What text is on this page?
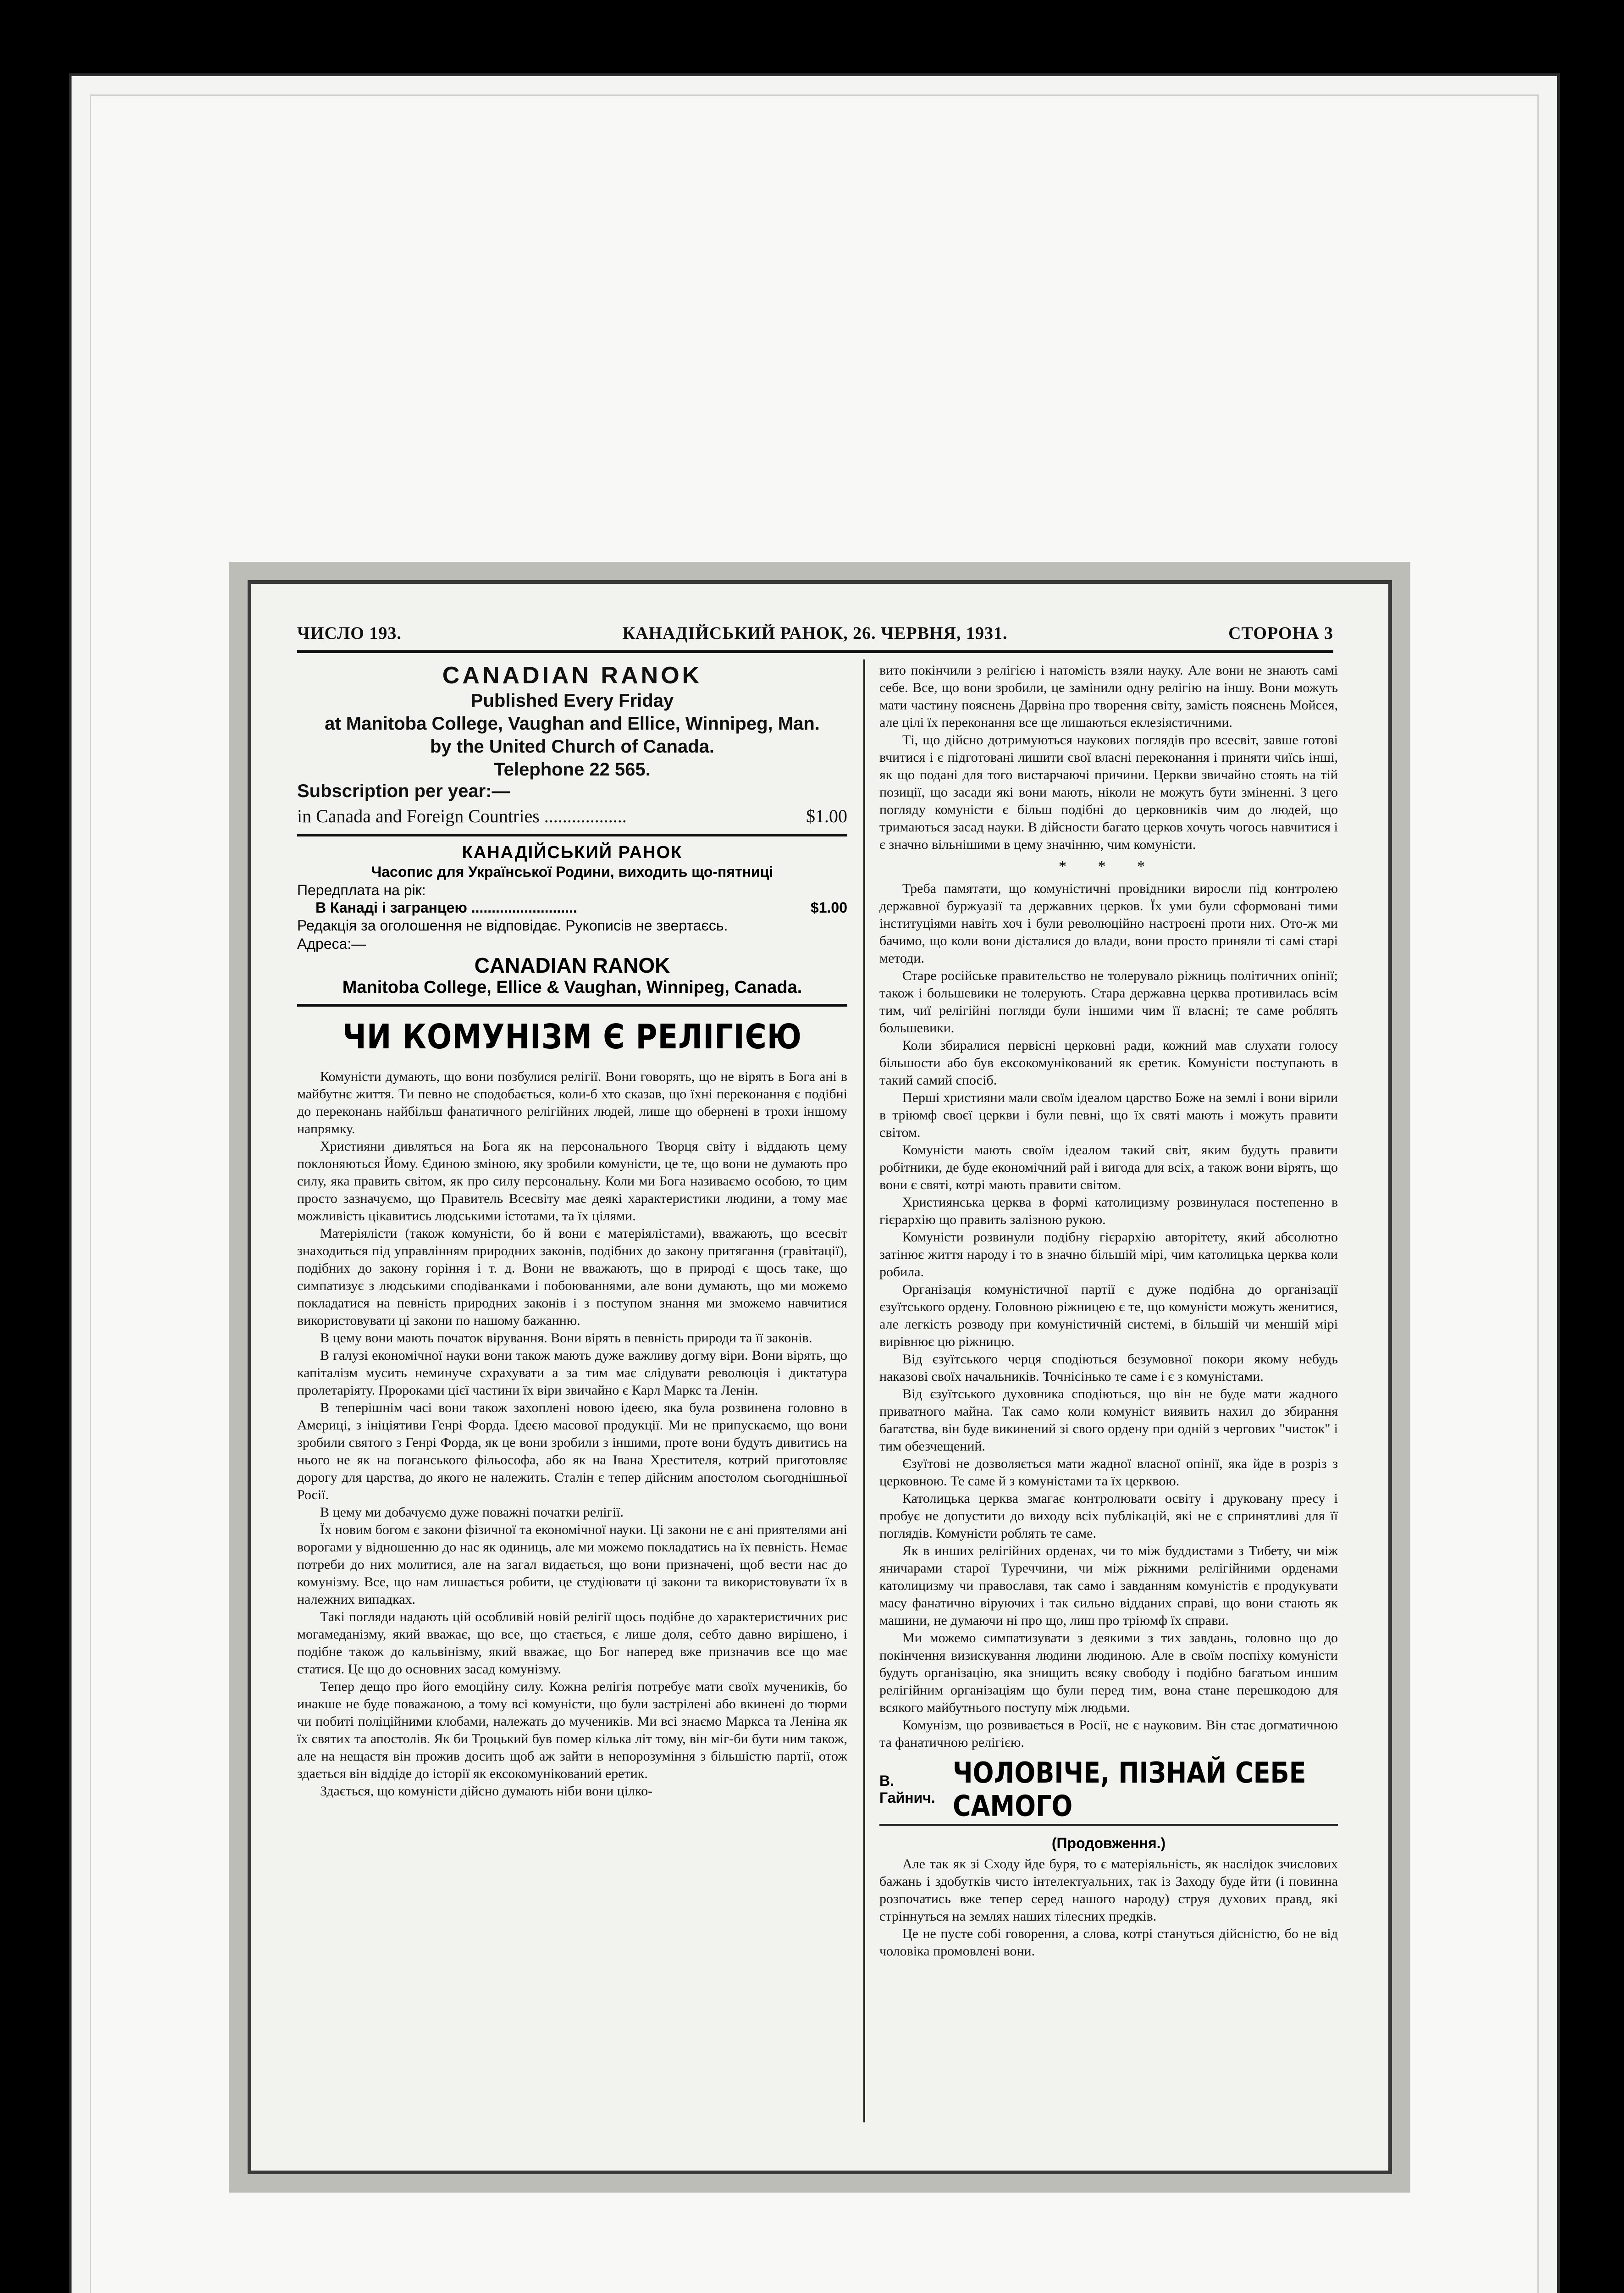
ЧИСЛО 193.	КАНАДІЙСЬКИЙ РАНОК, 26. ЧЕРВНЯ, 1931.	СТОРОНА 3
CANADIAN RANOK
Published Every Friday
at Manitoba College, Vaughan and Ellice, Winnipeg, Man.
by the United Church of Canada.
Telephone 22 565.
Subscription per year:—
in Canada and Foreign Countries ..................	$1.00
КАНАДІЙСЬКИЙ РАНОК
Часопис для Української Родини, виходить що-пятниці
Передплата на рік:
В Канаді і загранцею ..........................	$1.00
Редакція за оголошення не відповідає. Рукописів не звертаєсь.
Адреса:—
CANADIAN RANOK
Manitoba College, Ellice & Vaughan, Winnipeg, Canada.
ЧИ КОМУНІЗМ Є РЕЛІГІЄЮ

Комуністи думають, що вони позбулися релігії. Вони говорять, що не вірять в Бога ані в майбутнє життя. Ти певно не сподобається, коли-б хто сказав, що їхні переконання є подібні до переконань найбільш фанатичного релігійних людей, лише що обернені в трохи іншому напрямку.

Християни дивляться на Бога як на персонального Творця світу і віддають цему поклоняються Йому. Єдиною зміною, яку зробили комуністи, це те, що вони не думають про силу, яка править світом, як про силу персональну. Коли ми Бога називаємо особою, то цим просто зазначуємо, що Правитель Всесвіту має деякі характеристики людини, а тому має можливість цікавитись людськими істотами, та їх цілями.

Матеріялісти (також комуністи, бо й вони є матеріялістами), вважають, що всесвіт знаходиться під управлінням природних законів, подібних до закону притягання (гравітації), подібних до закону горіння і т. д. Вони не вважають, що в природі є щось таке, що симпатизує з людськими сподіванками і побоюваннями, але вони думають, що ми можемо покладатися на певність природних законів і з поступом знання ми зможемо навчитися використовувати ці закони по нашому бажанню.

В цему вони мають початок вірування. Вони вірять в певність природи та її законів.

В галузі економічної науки вони також мають дуже важливу догму віри. Вони вірять, що капіталізм мусить неминуче схрахувати а за тим має слідувати революція і диктатура пролетаріяту. Пророками цієї частини їх віри звичайно є Карл Маркс та Ленін.

В теперішнім часі вони також захоплені новою ідеєю, яка була розвинена головно в Америці, з ініціятиви Генрі Форда. Ідеєю масової продукції. Ми не припускаємо, що вони зробили святого з Генрі Форда, як це вони зробили з іншими, проте вони будуть дивитись на нього не як на поганського фільософа, або як на Івана Хрестителя, котрий приготовляє дорогу для царства, до якого не належить. Сталін є тепер дійсним апостолом сьогоднішньої Росії.

В цему ми добачуємо дуже поважні початки релігії.

Їх новим богом є закони фізичної та економічної науки. Ці закони не є ані приятелями ані ворогами у відношенню до нас як одиниць, але ми можемо покладатись на їх певність. Немає потреби до них молитися, але на загал видається, що вони призначені, щоб вести нас до комунізму. Все, що нам лишається робити, це студіювати ці закони та використовувати їх в належних випадках.

Такі погляди надають цій особливій новій релігії щось подібне до характеристичних рис могамеданізму, який вважає, що все, що стається, є лише доля, себто давно вирішено, і подібне також до кальвінізму, який вважає, що Бог наперед вже призначив все що має статися. Це що до основних засад комунізму.

Тепер дещо про його емоційну силу. Кожна релігія потребує мати своїх мучеників, бо инакше не буде поважаною, а тому всі комуністи, що були застрілені або вкинені до тюрми чи побиті поліційними клобами, належать до мучеників. Ми всі знаємо Маркса та Леніна як їх святих та апостолів. Як би Троцький був помер кілька літ тому, він міг-би бути ним також, але на нещастя він прожив досить щоб аж зайти в непорозуміння з більшістю партії, отож здається він віддіде до історії як ексокомунікований еретик.

Здається, що комуністи дійсно думають ніби вони цілко-

вито покінчили з релігією і натомість взяли науку. Але вони не знають самі себе. Все, що вони зробили, це замінили одну релігію на іншу. Вони можуть мати частину пояснень Дарвіна про творення світу, замість пояснень Мойсея, але цілі їх переконання все ще лишаються еклезіястичними.

Ті, що дійсно дотримуються наукових поглядів про всесвіт, завше готові вчитися і є підготовані лишити свої власні переконання і приняти чиїсь інші, як що подані для того вистарчаючі причини. Церкви звичайно стоять на тій позиції, що засади які вони мають, ніколи не можуть бути зміненні. З цего погляду комуністи є більш подібні до церковників чим до людей, що тримаються засад науки. В дійсности багато церков хочуть чогось навчитися і є значно вільнішими в цему значінню, чим комуністи.

* * *

Треба памятати, що комуністичні провідники виросли під контролею державної буржуазії та державних церков. Їх уми були сформовані тими інституціями навіть хоч і були революційно настроєні проти них. Ото-ж ми бачимо, що коли вони дісталися до влади, вони просто приняли ті самі старі методи.

Старе російське правительство не толерувало ріжниць політичних опінії; також і большевики не толерують. Стара державна церква противилась всім тим, чиї релігійні погляди були іншими чим її власні; те саме роблять большевики.

Коли збиралися первісні церковні ради, кожний мав слухати голосу більшости або був ексокомунікований як єретик. Комуністи поступають в такий самий спосіб.

Перші християни мали своїм ідеалом царство Боже на землі і вони вірили в тріюмф своєї церкви і були певні, що їх святі мають і можуть правити світом.

Комуністи мають своїм ідеалом такий світ, яким будуть правити робітники, де буде економічний рай і вигода для всіх, а також вони вірять, що вони є святі, котрі мають правити світом.

Християнська церква в формі католицизму розвинулася постепенно в гієрархію що править залізною рукою.

Комуністи розвинули подібну гієрархію авторітету, який абсолютно затінює життя народу і то в значно більшій мірі, чим католицька церква коли робила.

Організація комуністичної партії є дуже подібна до організації єзуїтського ордену. Головною ріжницею є те, що комуністи можуть женитися, але легкість розводу при комуністичній системі, в більшій чи меншій мірі вирівнює цю ріжницю.

Від єзуїтського черця сподіються безумовної покори якому небудь наказові своїх начальників. Точнісінько те саме і є з комуністами.

Від єзуїтського духовника сподіються, що він не буде мати жадного приватного майна. Так само коли комуніст виявить нахил до збирання багатства, він буде викинений зі свого ордену при одній з чергових "чисток" і тим обезчещений.

Єзуїтові не дозволяється мати жадної власної опінії, яка йде в розріз з церковною. Те саме й з комуністами та їх церквою.

Католицька церква змагає контролювати освіту і друковану пресу і пробує не допустити до виходу всіх публікацій, які не є спринятливі для її поглядів. Комуністи роблять те саме.

Як в инших релігійних орденах, чи то між буддистами з Тибету, чи між яничарами старої Туреччини, чи між ріжними релігійними орденами католицизму чи православя, так само і завданням комуністів є продукувати масу фанатично віруючих і так сильно відданих справі, що вони стають як машини, не думаючи ні про що, лиш про тріюмф їх справи.

Ми можемо симпатизувати з деякими з тих завдань, головно що до покінчення визискування людини людиною. Але в своїм поспіху комуністи будуть організацію, яка знищить всяку свободу і подібно багатьом иншим релігійним організаціям що були перед тим, вона стане перешкодою для всякого майбутнього поступу між людьми.

Комунізм, що розвивається в Росії, не є науковим. Він стає догматичною та фанатичною релігією.

В. Гайнич.
ЧОЛОВІЧЕ, ПІЗНАЙ СЕБЕ САМОГО
(Продовження.)

Але так як зі Сходу йде буря, то є матеріяльність, як наслідок зчислових бажань і здобутків чисто інтелектуальних, так із Заходу буде йти (і повинна розпочатись вже тепер серед нашого народу) струя духових правд, які стріннуться на землях наших тілесних предків.

Це не пусте собі говорення, а слова, котрі стануться дійсністю, бо не від чоловіка промовлені вони.
